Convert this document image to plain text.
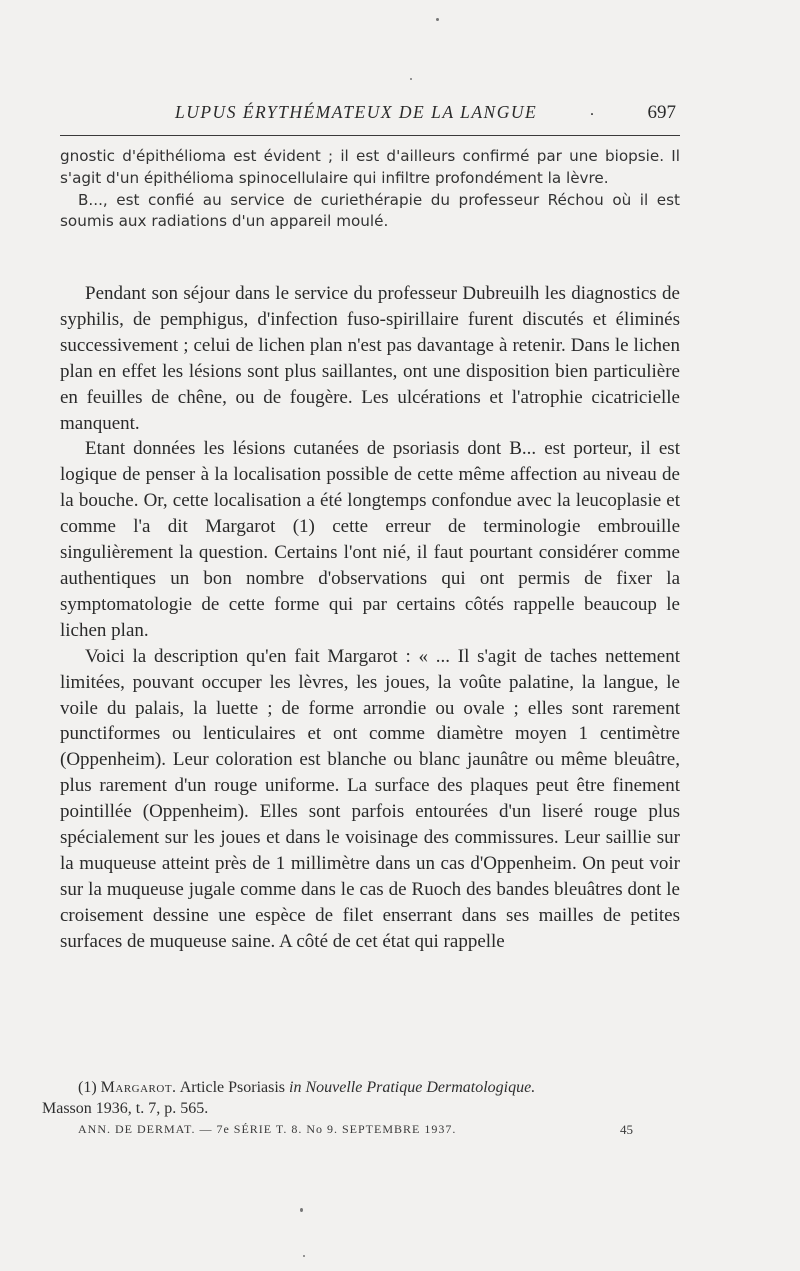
LUPUS ÉRYTHÉMATEUX DE LA LANGUE	.	697

gnostic d'épithélioma est évident ; il est d'ailleurs confirmé par une biopsie. Il s'agit d'un épithélioma spinocellulaire qui infiltre profondément la lèvre.

B..., est confié au service de curiethérapie du professeur Réchou où il est soumis aux radiations d'un appareil moulé.

Pendant son séjour dans le service du professeur Dubreuilh les diagnostics de syphilis, de pemphigus, d'infection fuso-spirillaire furent discutés et éliminés successivement ; celui de lichen plan n'est pas davantage à retenir. Dans le lichen plan en effet les lésions sont plus saillantes, ont une disposition bien particulière en feuilles de chêne, ou de fougère. Les ulcérations et l'atrophie cicatricielle manquent.

Etant données les lésions cutanées de psoriasis dont B... est porteur, il est logique de penser à la localisation possible de cette même affection au niveau de la bouche. Or, cette localisation a été longtemps confondue avec la leucoplasie et comme l'a dit Margarot (1) cette erreur de terminologie embrouille singulièrement la question. Certains l'ont nié, il faut pourtant considérer comme authentiques un bon nombre d'observations qui ont permis de fixer la symptomatologie de cette forme qui par certains côtés rappelle beaucoup le lichen plan.

Voici la description qu'en fait Margarot : « ... Il s'agit de taches nettement limitées, pouvant occuper les lèvres, les joues, la voûte palatine, la langue, le voile du palais, la luette ; de forme arrondie ou ovale ; elles sont rarement punctiformes ou lenticulaires et ont comme diamètre moyen 1 centimètre (Oppenheim). Leur coloration est blanche ou blanc jaunâtre ou même bleuâtre, plus rarement d'un rouge uniforme. La surface des plaques peut être finement pointillée (Oppenheim). Elles sont parfois entourées d'un liseré rouge plus spécialement sur les joues et dans le voisinage des commissures. Leur saillie sur la muqueuse atteint près de 1 millimètre dans un cas d'Oppenheim. On peut voir sur la muqueuse jugale comme dans le cas de Ruoch des bandes bleuâtres dont le croisement dessine une espèce de filet enserrant dans ses mailles de petites surfaces de muqueuse saine. A côté de cet état qui rappelle

(1) Margarot. Article Psoriasis in Nouvelle Pratique Dermatologique.
Masson 1936, t. 7, p. 565.

ANN. DE DERMAT. — 7e SÉRIE T. 8. No 9. SEPTEMBRE 1937.	45
